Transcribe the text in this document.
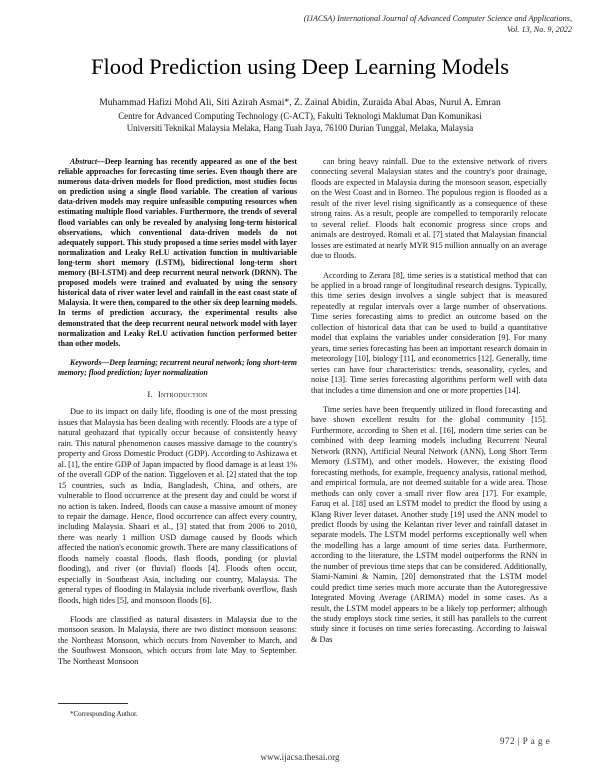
(IJACSA) International Journal of Advanced Computer Science and Applications,
Vol. 13, No. 9, 2022
Flood Prediction using Deep Learning Models
Muhammad Hafizi Mohd Ali, Siti Azirah Asmai*, Z. Zainal Abidin, Zuraida Abal Abas, Nurul A. Emran
Centre for Advanced Computing Technology (C-ACT), Fakulti Teknologi Maklumat Dan Komunikasi
Universiti Teknikal Malaysia Melaka, Hang Tuah Jaya, 76100 Durian Tunggal, Melaka, Malaysia

Abstract—Deep learning has recently appeared as one of the best reliable approaches for forecasting time series. Even though there are numerous data-driven models for flood prediction, most studies focus on prediction using a single flood variable. The creation of various data-driven models may require unfeasible computing resources when estimating multiple flood variables. Furthermore, the trends of several flood variables can only be revealed by analysing long-term historical observations, which conventional data-driven models do not adequately support. This study proposed a time series model with layer normalization and Leaky ReLU activation function in multivariable long-term short memory (LSTM), bidirectional long-term short memory (BI-LSTM) and deep recurrent neural network (DRNN). The proposed models were trained and evaluated by using the sensory historical data of river water level and rainfall in the east coast state of Malaysia. It were then, compared to the other six deep learning models. In terms of prediction accuracy, the experimental results also demonstrated that the deep recurrent neural network model with layer normalization and Leaky ReLU activation function performed better than other models.

Keywords—Deep learning; recurrent neural network; long short-term memory; flood prediction; layer normalization

I. Introduction

Due to its impact on daily life, flooding is one of the most pressing issues that Malaysia has been dealing with recently. Floods are a type of natural geohazard that typically occur because of consistently heavy rain. This natural phenomenon causes massive damage to the country's property and Gross Domestic Product (GDP). According to Ashizawa et al. [1], the entire GDP of Japan impacted by flood damage is at least 1% of the overall GDP of the nation. Tiggeloven et al. [2] stated that the top 15 countries, such as India, Bangladesh, China, and others, are vulnerable to flood occurrence at the present day and could be worst if no action is taken. Indeed, floods can cause a massive amount of money to repair the damage. Hence, flood occurrence can affect every country, including Malaysia. Shaari et al., [3] stated that from 2006 to 2010, there was nearly 1 million USD damage caused by floods which affected the nation's economic growth. There are many classifications of floods namely coastal floods, flash floods, ponding (or pluvial flooding), and river (or fluvial) floods [4]. Floods often occur, especially in Southeast Asia, including our country, Malaysia. The general types of flooding in Malaysia include riverbank overflow, flash floods, high tides [5], and monsoon floods [6].

Floods are classified as natural disasters in Malaysia due to the monsoon season. In Malaysia, there are two distinct monsoon seasons: the Northeast Monsoon, which occurs from November to March, and the Southwest Monsoon, which occurs from late May to September. The Northeast Monsoon

can bring heavy rainfall. Due to the extensive network of rivers connecting several Malaysian states and the country's poor drainage, floods are expected in Malaysia during the monsoon season, especially on the West Coast and in Borneo. The populous region is flooded as a result of the river level rising significantly as a consequence of these strong rains. As a result, people are compelled to temporarily relocate to several relief. Floods halt economic progress since crops and animals are destroyed. Romali et al. [7] stated that Malaysian financial losses are estimated at nearly MYR 915 million annually on an average due to floods.

According to Zerara [8], time series is a statistical method that can be applied in a broad range of longitudinal research designs. Typically, this time series design involves a single subject that is measured repeatedly at regular intervals over a large number of observations. Time series forecasting aims to predict an outcome based on the collection of historical data that can be used to build a quantitative model that explains the variables under consideration [9]. For many years, time series forecasting has been an important research domain in meteorology [10], biology [11], and econometrics [12]. Generally, time series can have four characteristics: trends, seasonality, cycles, and noise [13]. Time series forecasting algorithms perform well with data that includes a time dimension and one or more properties [14].

Time series have been frequently utilized in flood forecasting and have shown excellent results for the global community [15]. Furthermore, according to Shen et al. [16], modern time series can be combined with deep learning models including Recurrent Neural Network (RNN), Artificial Neural Network (ANN), Long Short Term Memory (LSTM), and other models. However, the existing flood forecasting methods, for example, frequency analysis, rational method, and empirical formula, are not deemed suitable for a wide area. Those methods can only cover a small river flow area [17]. For example, Faruq et al. [18] used an LSTM model to predict the flood by using a Klang River lever dataset. Another study [19] used the ANN model to predict floods by using the Kelantan river lever and rainfall dataset in separate models. The LSTM model performs exceptionally well when the modelling has a large amount of time series data. Furthermore, according to the literature, the LSTM model outperforms the RNN in the number of previous time steps that can be considered. Additionally, Siami-Namini & Namin, [20] demonstrated that the LSTM model could predict time series much more accurate than the Autoregressive Integrated Moving Average (ARIMA) model in some cases. As a result, the LSTM model appears to be a likely top performer; although the study employs stock time series, it still has parallels to the current study since it focuses on time series forecasting. According to Jaiswal & Das

*Corresponding Author.
972 | P a g e
www.ijacsa.thesai.org
